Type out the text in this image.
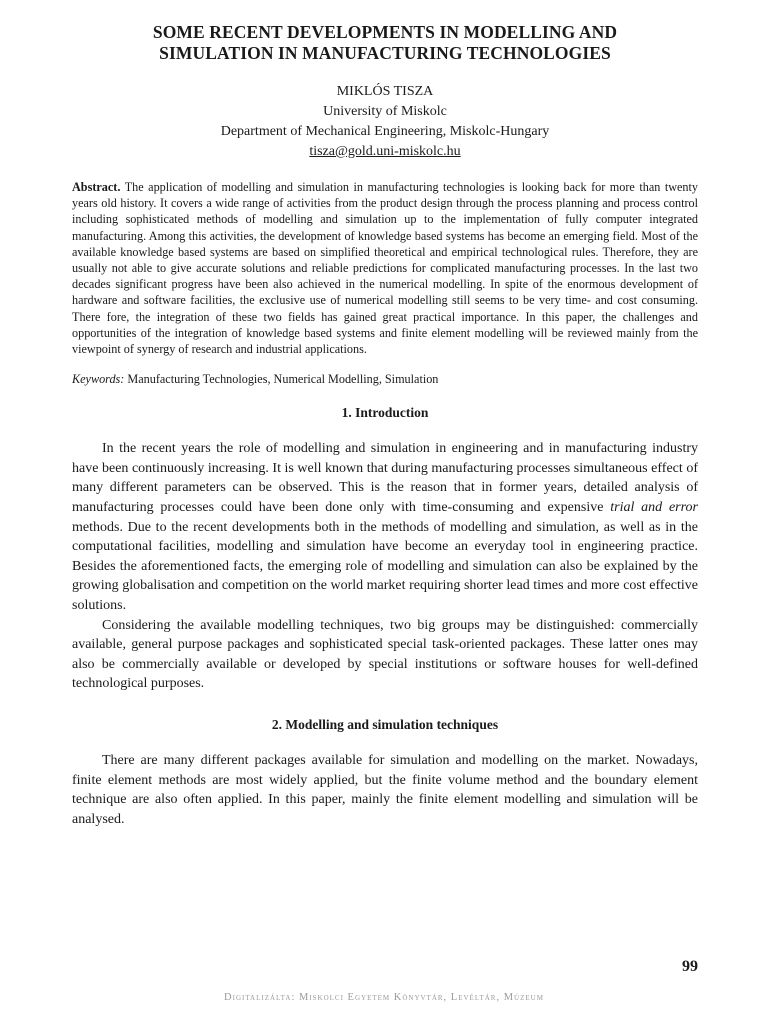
SOME RECENT DEVELOPMENTS IN MODELLING AND
SIMULATION IN MANUFACTURING TECHNOLOGIES
MIKLÓS TISZA
University of Miskolc
Department of Mechanical Engineering, Miskolc-Hungary
tisza@gold.uni-miskolc.hu
Abstract. The application of modelling and simulation in manufacturing technologies is looking back for more than twenty years old history. It covers a wide range of activities from the product design through the process planning and process control including sophisticated methods of modelling and simulation up to the implementation of fully computer integrated manufacturing. Among this activities, the development of knowledge based systems has become an emerging field. Most of the available knowledge based systems are based on simplified theoretical and empirical technological rules. Therefore, they are usually not able to give accurate solutions and reliable predictions for complicated manufacturing processes. In the last two decades significant progress have been also achieved in the numerical modelling. In spite of the enormous development of hardware and software facilities, the exclusive use of numerical modelling still seems to be very time- and cost consuming. There fore, the integration of these two fields has gained great practical importance. In this paper, the challenges and opportunities of the integration of knowledge based systems and finite element modelling will be reviewed mainly from the viewpoint of synergy of research and industrial applications.
Keywords: Manufacturing Technologies, Numerical Modelling, Simulation
1. Introduction

In the recent years the role of modelling and simulation in engineering and in manufacturing industry have been continuously increasing. It is well known that during manufacturing processes simultaneous effect of many different parameters can be observed. This is the reason that in former years, detailed analysis of manufacturing processes could have been done only with time-consuming and expensive trial and error methods. Due to the recent developments both in the methods of modelling and simulation, as well as in the computational facilities, modelling and simulation have become an everyday tool in engineering practice. Besides the aforementioned facts, the emerging role of modelling and simulation can also be explained by the growing globalisation and competition on the world market requiring shorter lead times and more cost effective solutions.

Considering the available modelling techniques, two big groups may be distinguished: commercially available, general purpose packages and sophisticated special task-oriented packages. These latter ones may also be commercially available or developed by special institutions or software houses for well-defined technological purposes.

2. Modelling and simulation techniques

There are many different packages available for simulation and modelling on the market. Nowadays, finite element methods are most widely applied, but the finite volume method and the boundary element technique are also often applied. In this paper, mainly the finite element modelling and simulation will be analysed.

99
Digitalizálta: Miskolci Egyetem Könyvtár, Levéltár, Múzeum
